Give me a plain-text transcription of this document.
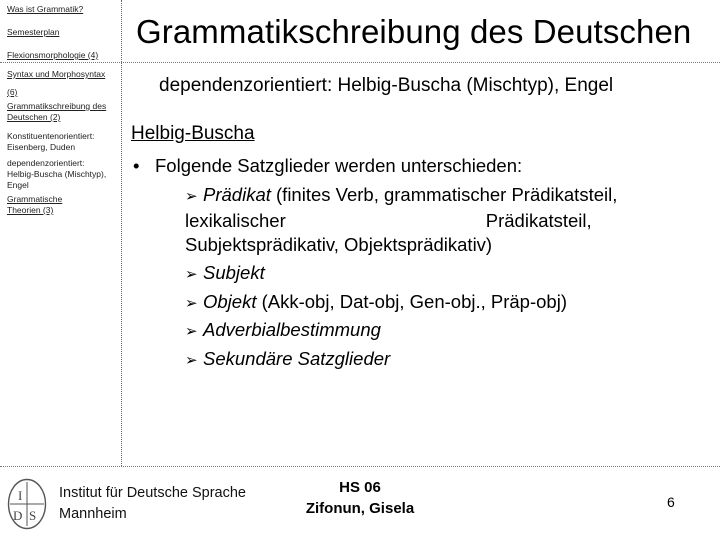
Was ist Grammatik?
Semesterplan
Flexionsmorphologie (4)
Syntax und Morphosyntax
(6)
Grammatikschreibung des
Deutschen (2)
Konstituentenorientiert:
Eisenberg, Duden
dependenzorientiert:
Helbig-Buscha (Mischtyp),
Engel
Grammatische
Theorien (3)
Grammatikschreibung des Deutschen
dependenzorientiert: Helbig-Buscha (Mischtyp), Engel
Helbig-Buscha
• Folgende Satzglieder werden unterschieden:
➢ Prädikat (finites Verb, grammatischer Prädikatsteil,
lexikalischer	Prädikatsteil,
Subjektsprädikativ, Objektsprädikativ)
➢ Subjekt
➢ Objekt (Akk-obj, Dat-obj, Gen-obj., Präp-obj)
➢ Adverbialbestimmung
➢ Sekundäre Satzglieder
I
D S
Institut für Deutsche Sprache
Mannheim
HS 06
Zifonun, Gisela	6
